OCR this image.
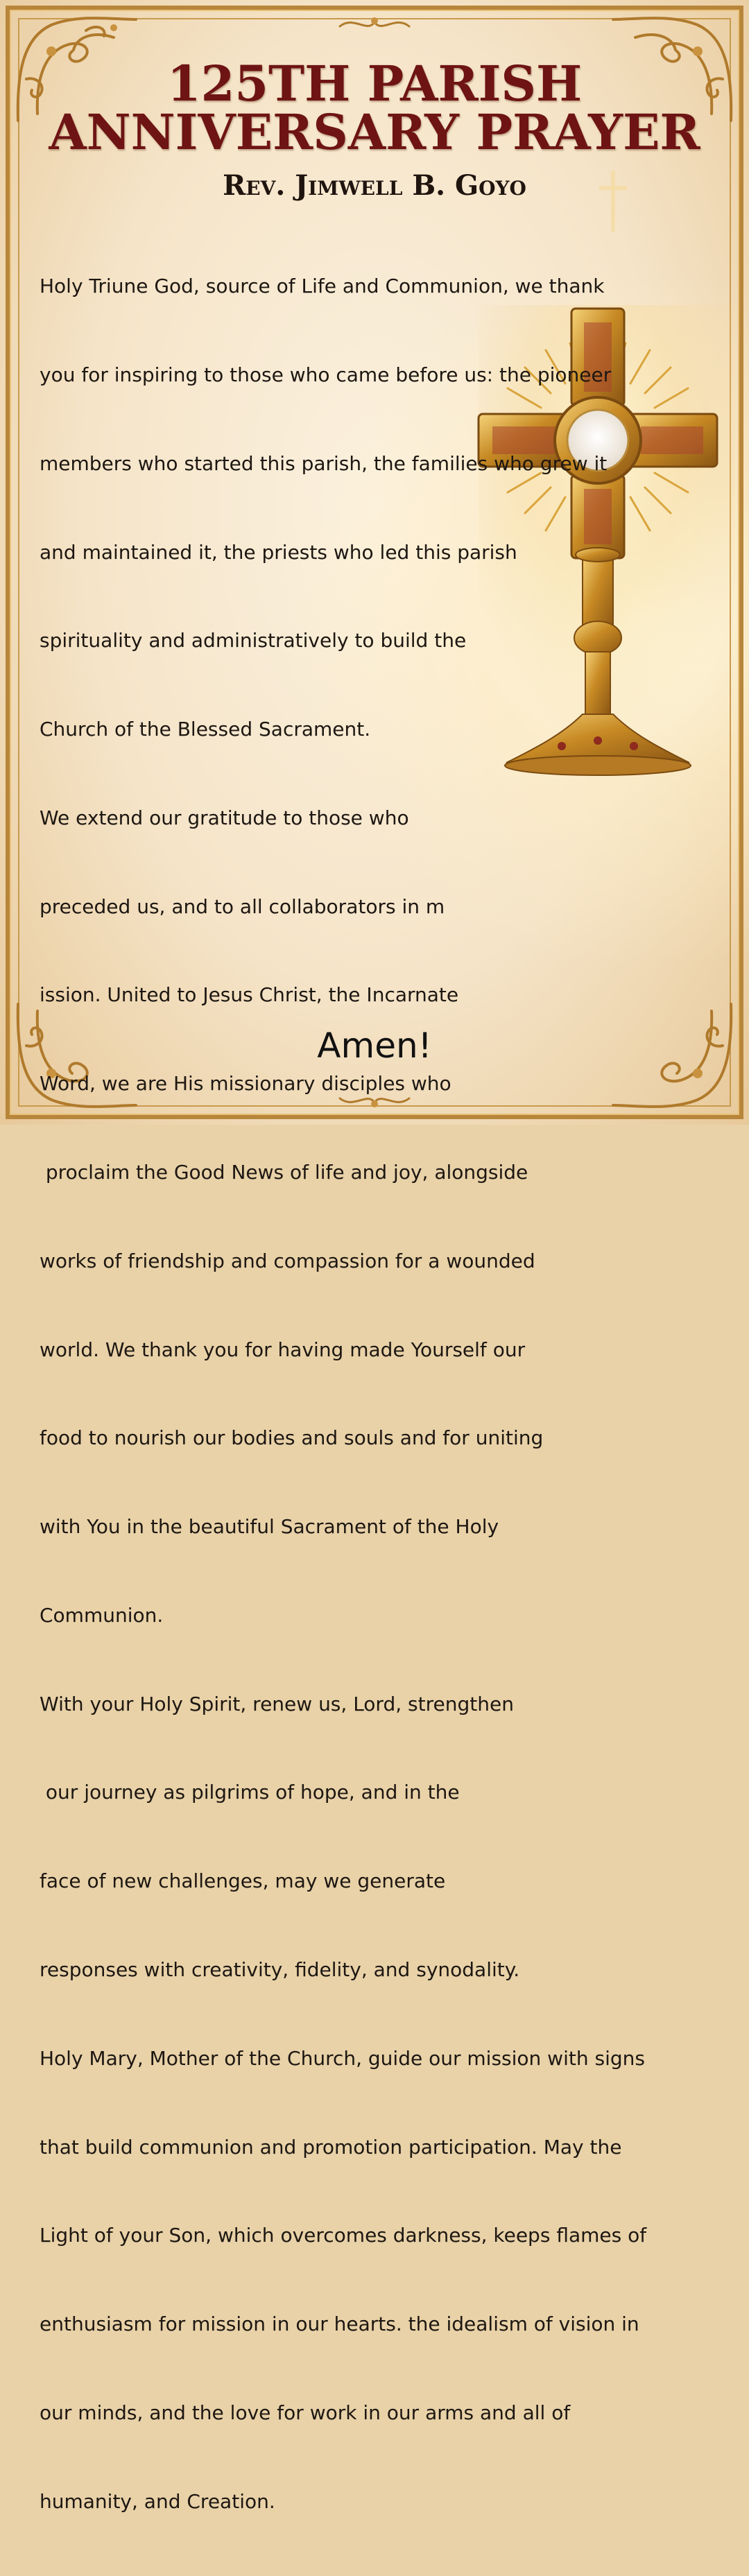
125TH PARISH
ANNIVERSARY PRAYER
Rev. Jimwell B. Goyo

Holy Triune God, source of Life and Communion, we thank

you for inspiring to those who came before us: the pioneer

members who started this parish, the families who grew it

and maintained it, the priests who led this parish

spirituality and administratively to build the

Church of the Blessed Sacrament.

We extend our gratitude to those who

preceded us, and to all collaborators in m

ission. United to Jesus Christ, the Incarnate

Word, we are His missionary disciples who

proclaim the Good News of life and joy, alongside

works of friendship and compassion for a wounded

world. We thank you for having made Yourself our

food to nourish our bodies and souls and for uniting

with You in the beautiful Sacrament of the Holy

Communion.

With your Holy Spirit, renew us, Lord, strengthen

our journey as pilgrims of hope, and in the

face of new challenges, may we generate

responses with creativity, fidelity, and synodality.

Holy Mary, Mother of the Church, guide our mission with signs

that build communion and promotion participation. May the

Light of your Son, which overcomes darkness, keeps flames of

enthusiasm for mission in our hearts. the idealism of vision in

our minds, and the love for work in our arms and all of

humanity, and Creation.

Amen!
